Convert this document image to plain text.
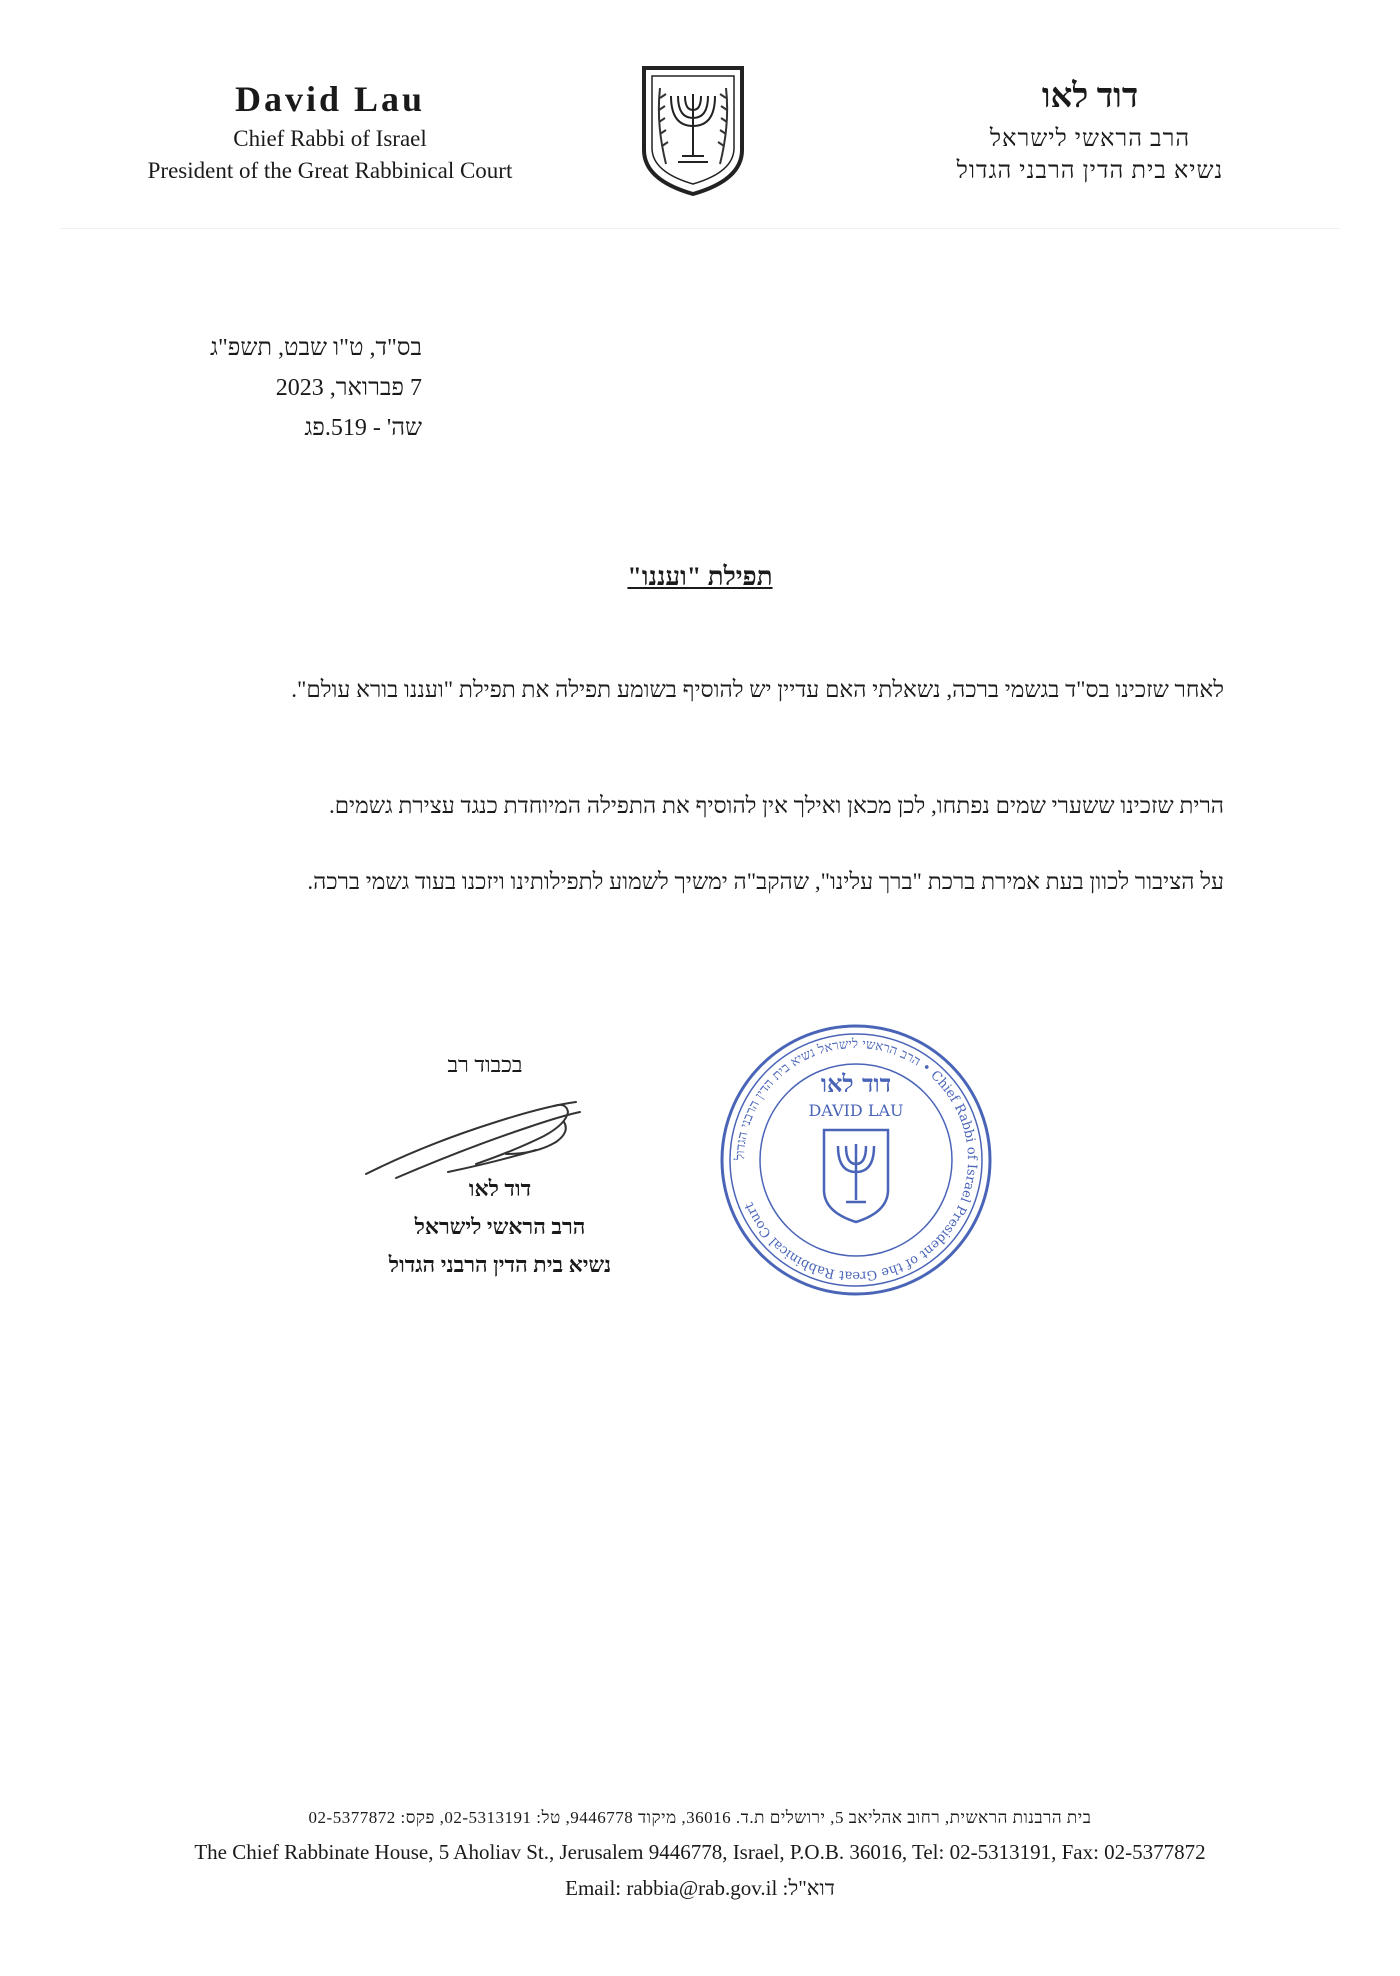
David Lau
Chief Rabbi of Israel
President of the Great Rabbinical Court
דוד לאו
הרב הראשי לישראל
נשיא בית הדין הרבני הגדול
בס"ד, ט"ו שבט, תשפ"ג
7 פברואר, 2023
שה' - 519.פג
תפילת "ועננו"
לאחר שזכינו בס"ד בגשמי ברכה, נשאלתי האם עדיין יש להוסיף בשומע תפילה את תפילת "ועננו בורא עולם".
הרית שזכינו ששערי שמים נפתחו, לכן מכאן ואילך אין להוסיף את התפילה המיוחדת כנגד עצירת גשמים.
על הציבור לכוון בעת אמירת ברכת "ברך עלינו", שהקב"ה ימשיך לשמוע לתפילותינו ויזכנו בעוד גשמי ברכה.
בכבוד רב
דוד לאו
הרב הראשי לישראל
נשיא בית הדין הרבני הגדול
הרב הראשי לישראל נשיא בית הדין הרבני הגדול • Chief Rabbi of Israel President of the Great Rabbinical Court
דוד לאו
DAVID LAU
בית הרבנות הראשית, רחוב אהליאב 5, ירושלים ת.ד. 36016, מיקוד 9446778, טל: 02-5313191, פקס: 02-5377872
The Chief Rabbinate House, 5 Aholiav St., Jerusalem 9446778, Israel, P.O.B. 36016, Tel: 02-5313191, Fax: 02-5377872
Email: rabbia@rab.gov.il :דוא"ל
